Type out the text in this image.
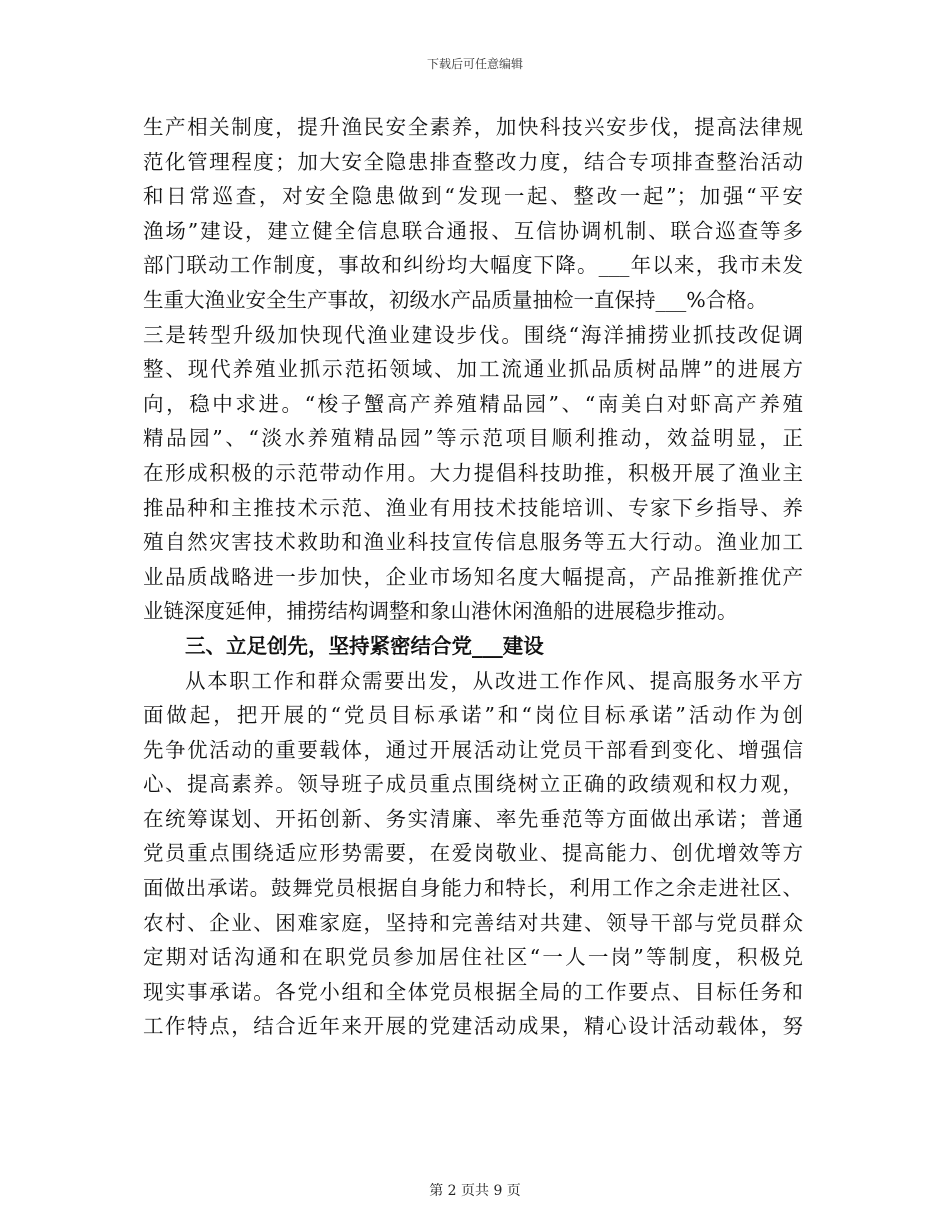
下载后可任意编辑
生产相关制度，提升渔民安全素养，加快科技兴安步伐，提高法律规
范化管理程度；加大安全隐患排查整改力度，结合专项排查整治活动
和日常巡查，对安全隐患做到“发现一起、整改一起”；加强“平安
渔场”建设，建立健全信息联合通报、互信协调机制、联合巡查等多
部门联动工作制度，事故和纠纷均大幅度下降。___年以来，我市未发
生重大渔业安全生产事故，初级水产品质量抽检一直保持___%合格。
三是转型升级加快现代渔业建设步伐。围绕“海洋捕捞业抓技改促调
整、现代养殖业抓示范拓领域、加工流通业抓品质树品牌”的进展方
向，稳中求进。“梭子蟹高产养殖精品园”、“南美白对虾高产养殖
精品园”、“淡水养殖精品园”等示范项目顺利推动，效益明显，正
在形成积极的示范带动作用。大力提倡科技助推，积极开展了渔业主
推品种和主推技术示范、渔业有用技术技能培训、专家下乡指导、养
殖自然灾害技术救助和渔业科技宣传信息服务等五大行动。渔业加工
业品质战略进一步加快，企业市场知名度大幅提高，产品推新推优产
业链深度延伸，捕捞结构调整和象山港休闲渔船的进展稳步推动。
三、立足创先，坚持紧密结合党___建设
从本职工作和群众需要出发，从改进工作作风、提高服务水平方
面做起，把开展的“党员目标承诺”和“岗位目标承诺”活动作为创
先争优活动的重要载体，通过开展活动让党员干部看到变化、增强信
心、提高素养。领导班子成员重点围绕树立正确的政绩观和权力观，
在统筹谋划、开拓创新、务实清廉、率先垂范等方面做出承诺；普通
党员重点围绕适应形势需要，在爱岗敬业、提高能力、创优增效等方
面做出承诺。鼓舞党员根据自身能力和特长，利用工作之余走进社区、
农村、企业、困难家庭，坚持和完善结对共建、领导干部与党员群众
定期对话沟通和在职党员参加居住社区“一人一岗”等制度，积极兑
现实事承诺。各党小组和全体党员根据全局的工作要点、目标任务和
工作特点，结合近年来开展的党建活动成果，精心设计活动载体，努
第 2 页共 9 页
